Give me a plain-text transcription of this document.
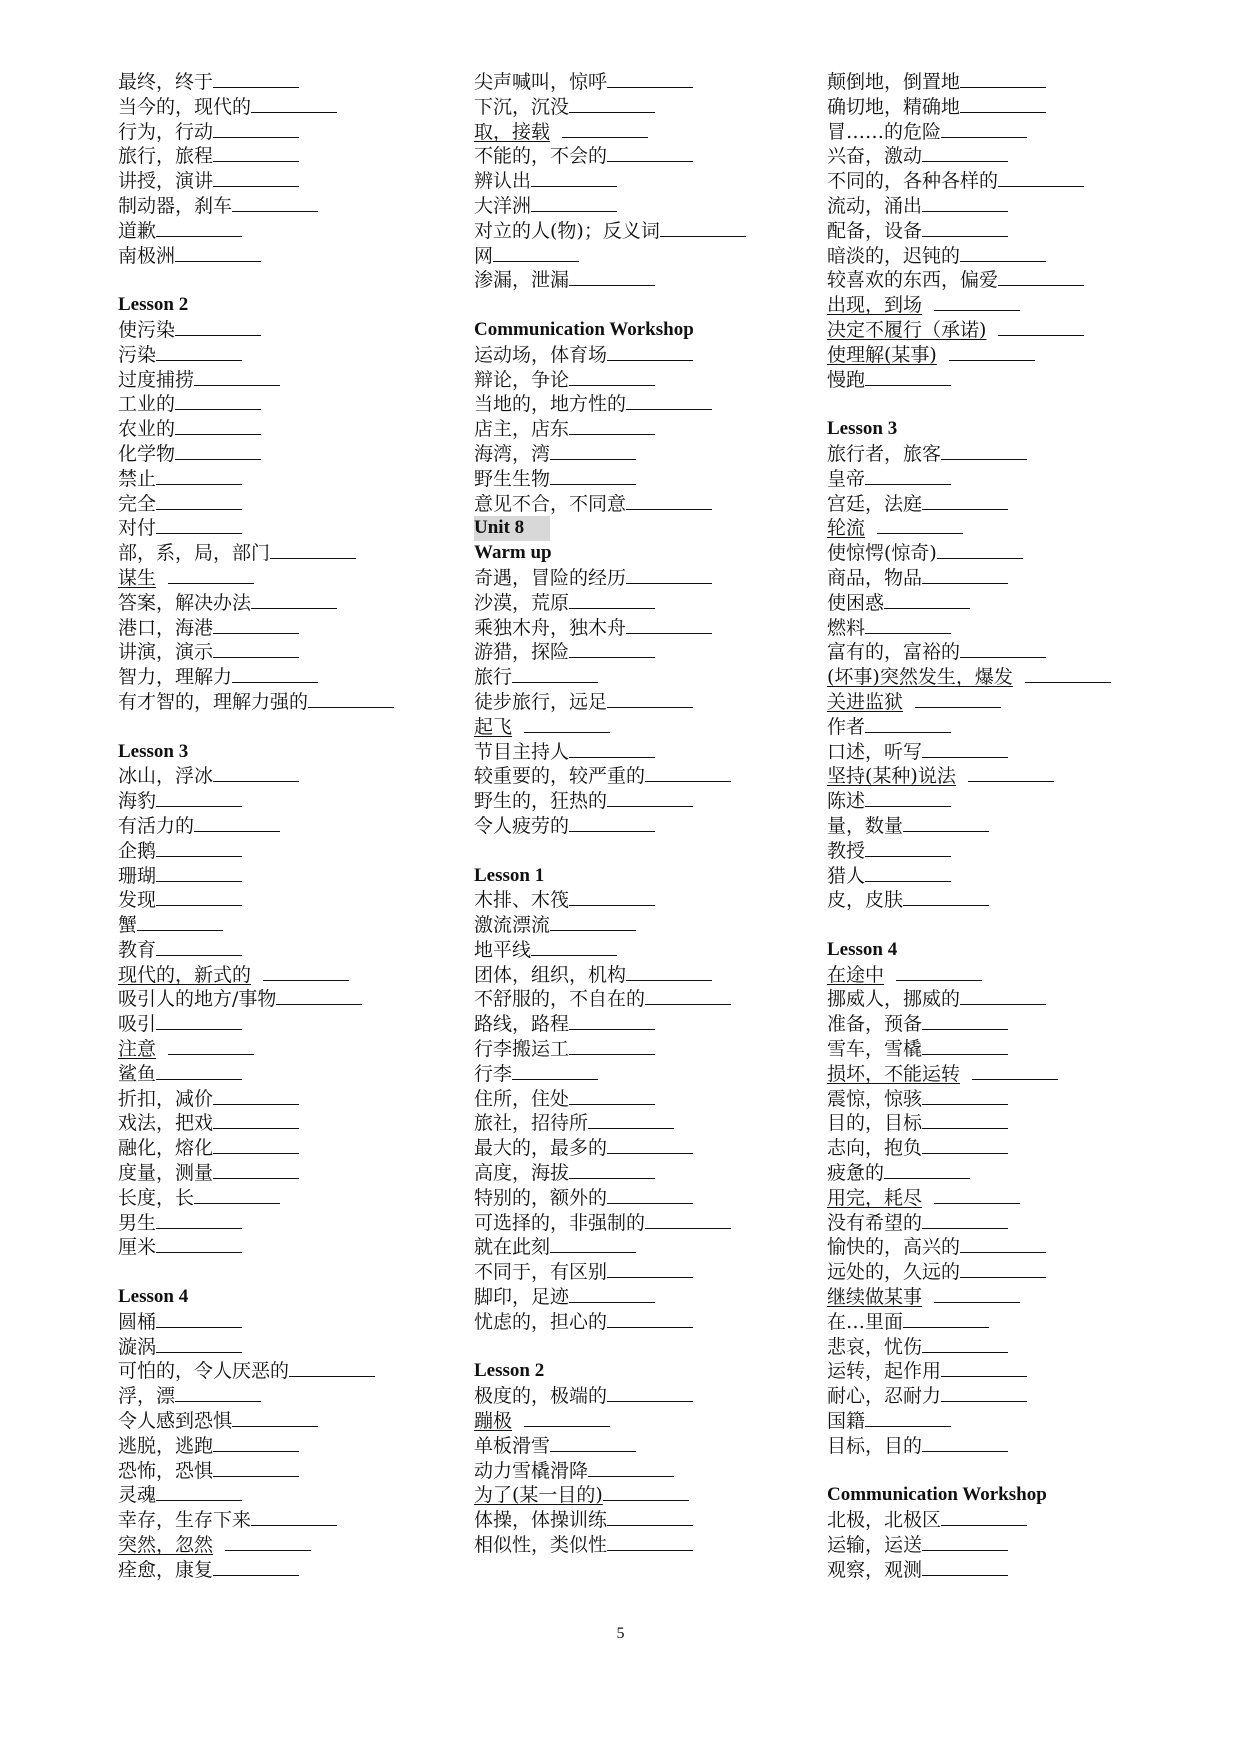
最终，终于
当今的，现代的
行为，行动
旅行，旅程
讲授，演讲
制动器，刹车
道歉
南极洲
Lesson 2
使污染
污染
过度捕捞
工业的
农业的
化学物
禁止
完全
对付
部，系，局，部门
谋生
答案，解决办法
港口，海港
讲演，演示
智力，理解力
有才智的，理解力强的
Lesson 3
冰山，浮冰
海豹
有活力的
企鹅
珊瑚
发现
蟹
教育
现代的，新式的
吸引人的地方/事物
吸引
注意
鲨鱼
折扣，减价
戏法，把戏
融化，熔化
度量，测量
长度，长
男生
厘米
Lesson 4
圆桶
漩涡
可怕的，令人厌恶的
浮，漂
令人感到恐惧
逃脱，逃跑
恐怖，恐惧
灵魂
幸存，生存下来
突然，忽然
痊愈，康复
尖声喊叫，惊呼
下沉，沉没
取，接载
不能的，不会的
辨认出
大洋洲
对立的人(物)；反义词
网
渗漏，泄漏
Communication Workshop
运动场，体育场
辩论，争论
当地的，地方性的
店主，店东
海湾，湾
野生生物
意见不合，不同意
Unit 8
Warm up
奇遇，冒险的经历
沙漠，荒原
乘独木舟，独木舟
游猎，探险
旅行
徒步旅行，远足
起飞
节目主持人
较重要的，较严重的
野生的，狂热的
令人疲劳的
Lesson 1
木排、木筏
激流漂流
地平线
团体，组织，机构
不舒服的，不自在的
路线，路程
行李搬运工
行李
住所，住处
旅社，招待所
最大的，最多的
高度，海拔
特别的，额外的
可选择的，非强制的
就在此刻
不同于，有区别
脚印，足迹
忧虑的，担心的
Lesson 2
极度的，极端的
蹦极
单板滑雪
动力雪橇滑降
为了(某一目的)
体操，体操训练
相似性，类似性
颠倒地，倒置地
确切地，精确地
冒……的危险
兴奋，激动
不同的，各种各样的
流动，涌出
配备，设备
暗淡的，迟钝的
较喜欢的东西，偏爱
出现，到场
决定不履行（承诺)
使理解(某事)
慢跑
Lesson 3
旅行者，旅客
皇帝
宫廷，法庭
轮流
使惊愕(惊奇)
商品，物品
使困惑
燃料
富有的，富裕的
(坏事)突然发生，爆发
关进监狱
作者
口述，听写
坚持(某种)说法
陈述
量，数量
教授
猎人
皮，皮肤
Lesson 4
在途中
挪威人，挪威的
准备，预备
雪车，雪橇
损坏，不能运转
震惊，惊骇
目的，目标
志向，抱负
疲惫的
用完，耗尽
没有希望的
愉快的，高兴的
远处的，久远的
继续做某事
在…里面
悲哀，忧伤
运转，起作用
耐心，忍耐力
国籍
目标，目的
Communication Workshop
北极，北极区
运输，运送
观察，观测
5
